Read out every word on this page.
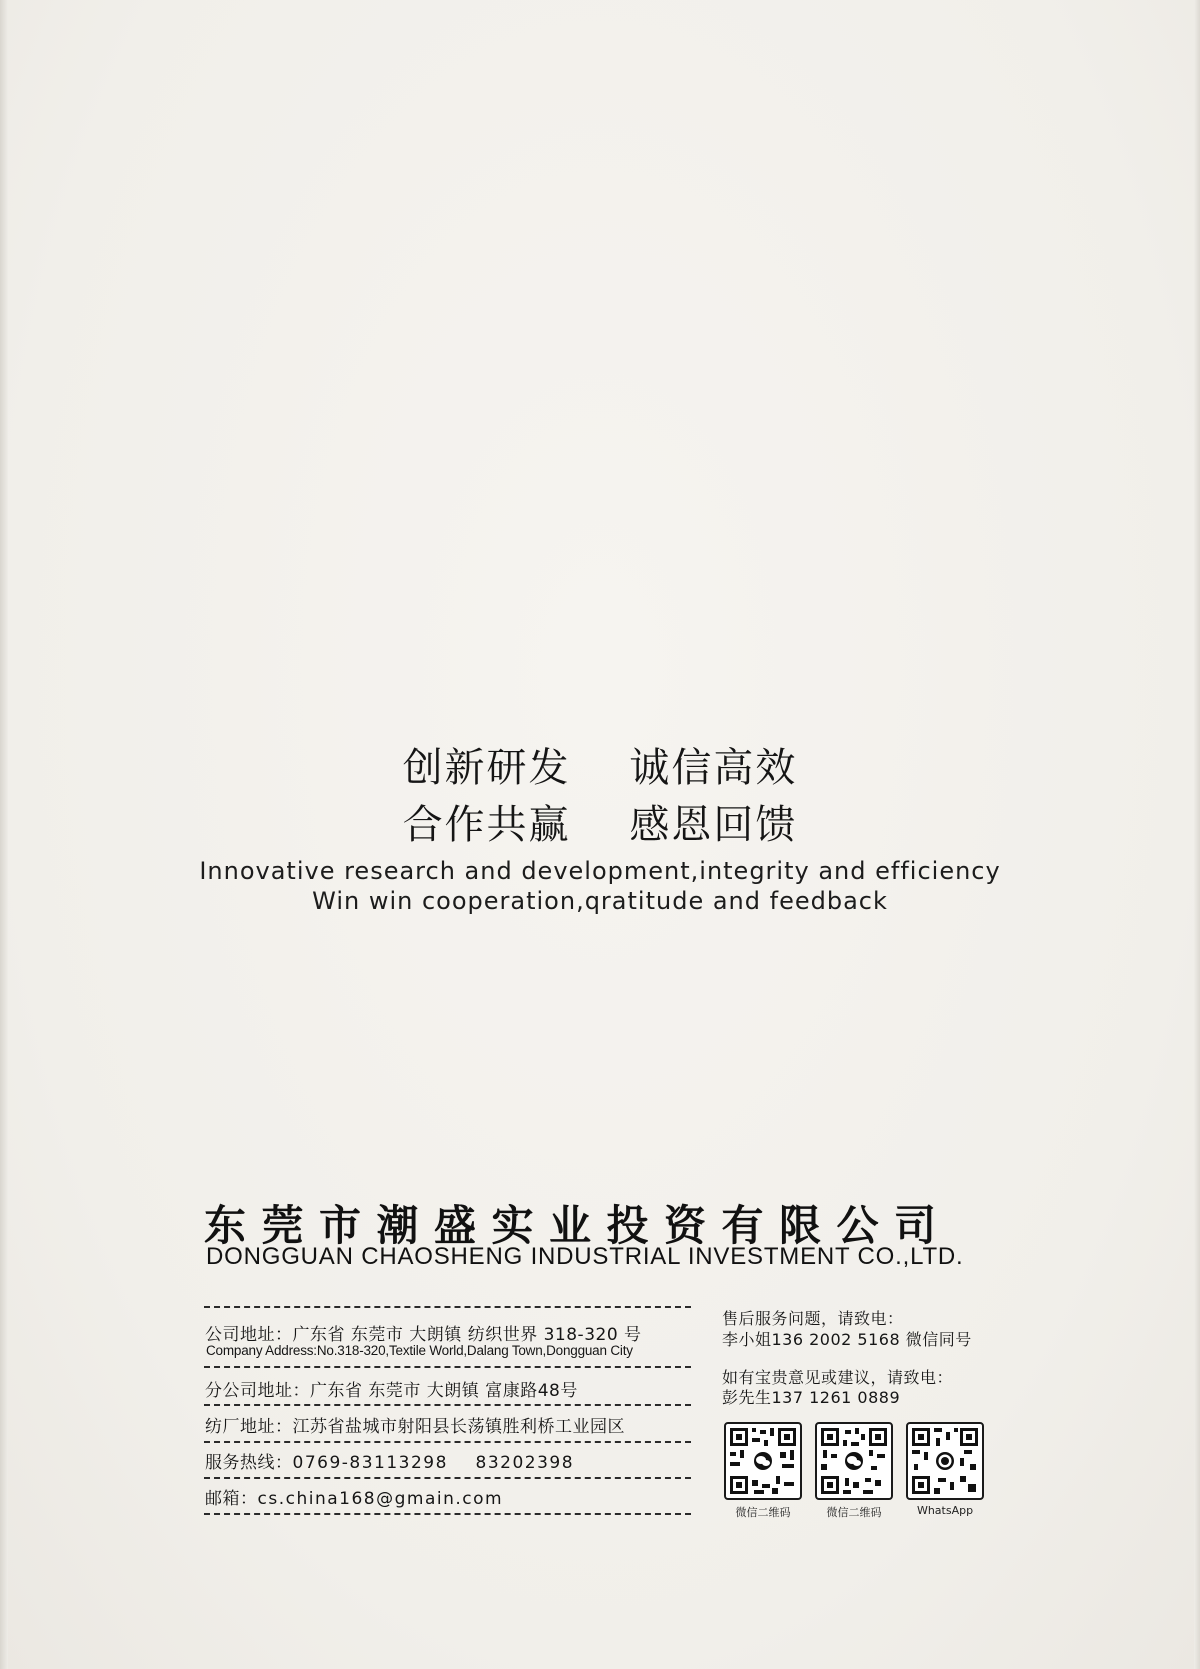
创新研发    诚信高效
合作共赢    感恩回馈
Innovative research and development,integrity and efficiency
Win win cooperation,qratitude and feedback
东莞市潮盛实业投资有限公司
DONGGUAN CHAOSHENG INDUSTRIAL INVESTMENT CO.,LTD.
公司地址：广东省 东莞市 大朗镇 纺织世界 318-320 号
Company Address:No.318-320,Textile World,Dalang Town,Dongguan City
分公司地址：广东省 东莞市 大朗镇 富康路48号
纺厂地址：江苏省盐城市射阳县长荡镇胜利桥工业园区
服务热线：0769-83113298    83202398
邮箱：cs.china168@gmain.com
售后服务问题，请致电：
李小姐136 2002 5168 微信同号
如有宝贵意见或建议，请致电：
彭先生137 1261 0889
微信二维码	微信二维码	WhatsApp
